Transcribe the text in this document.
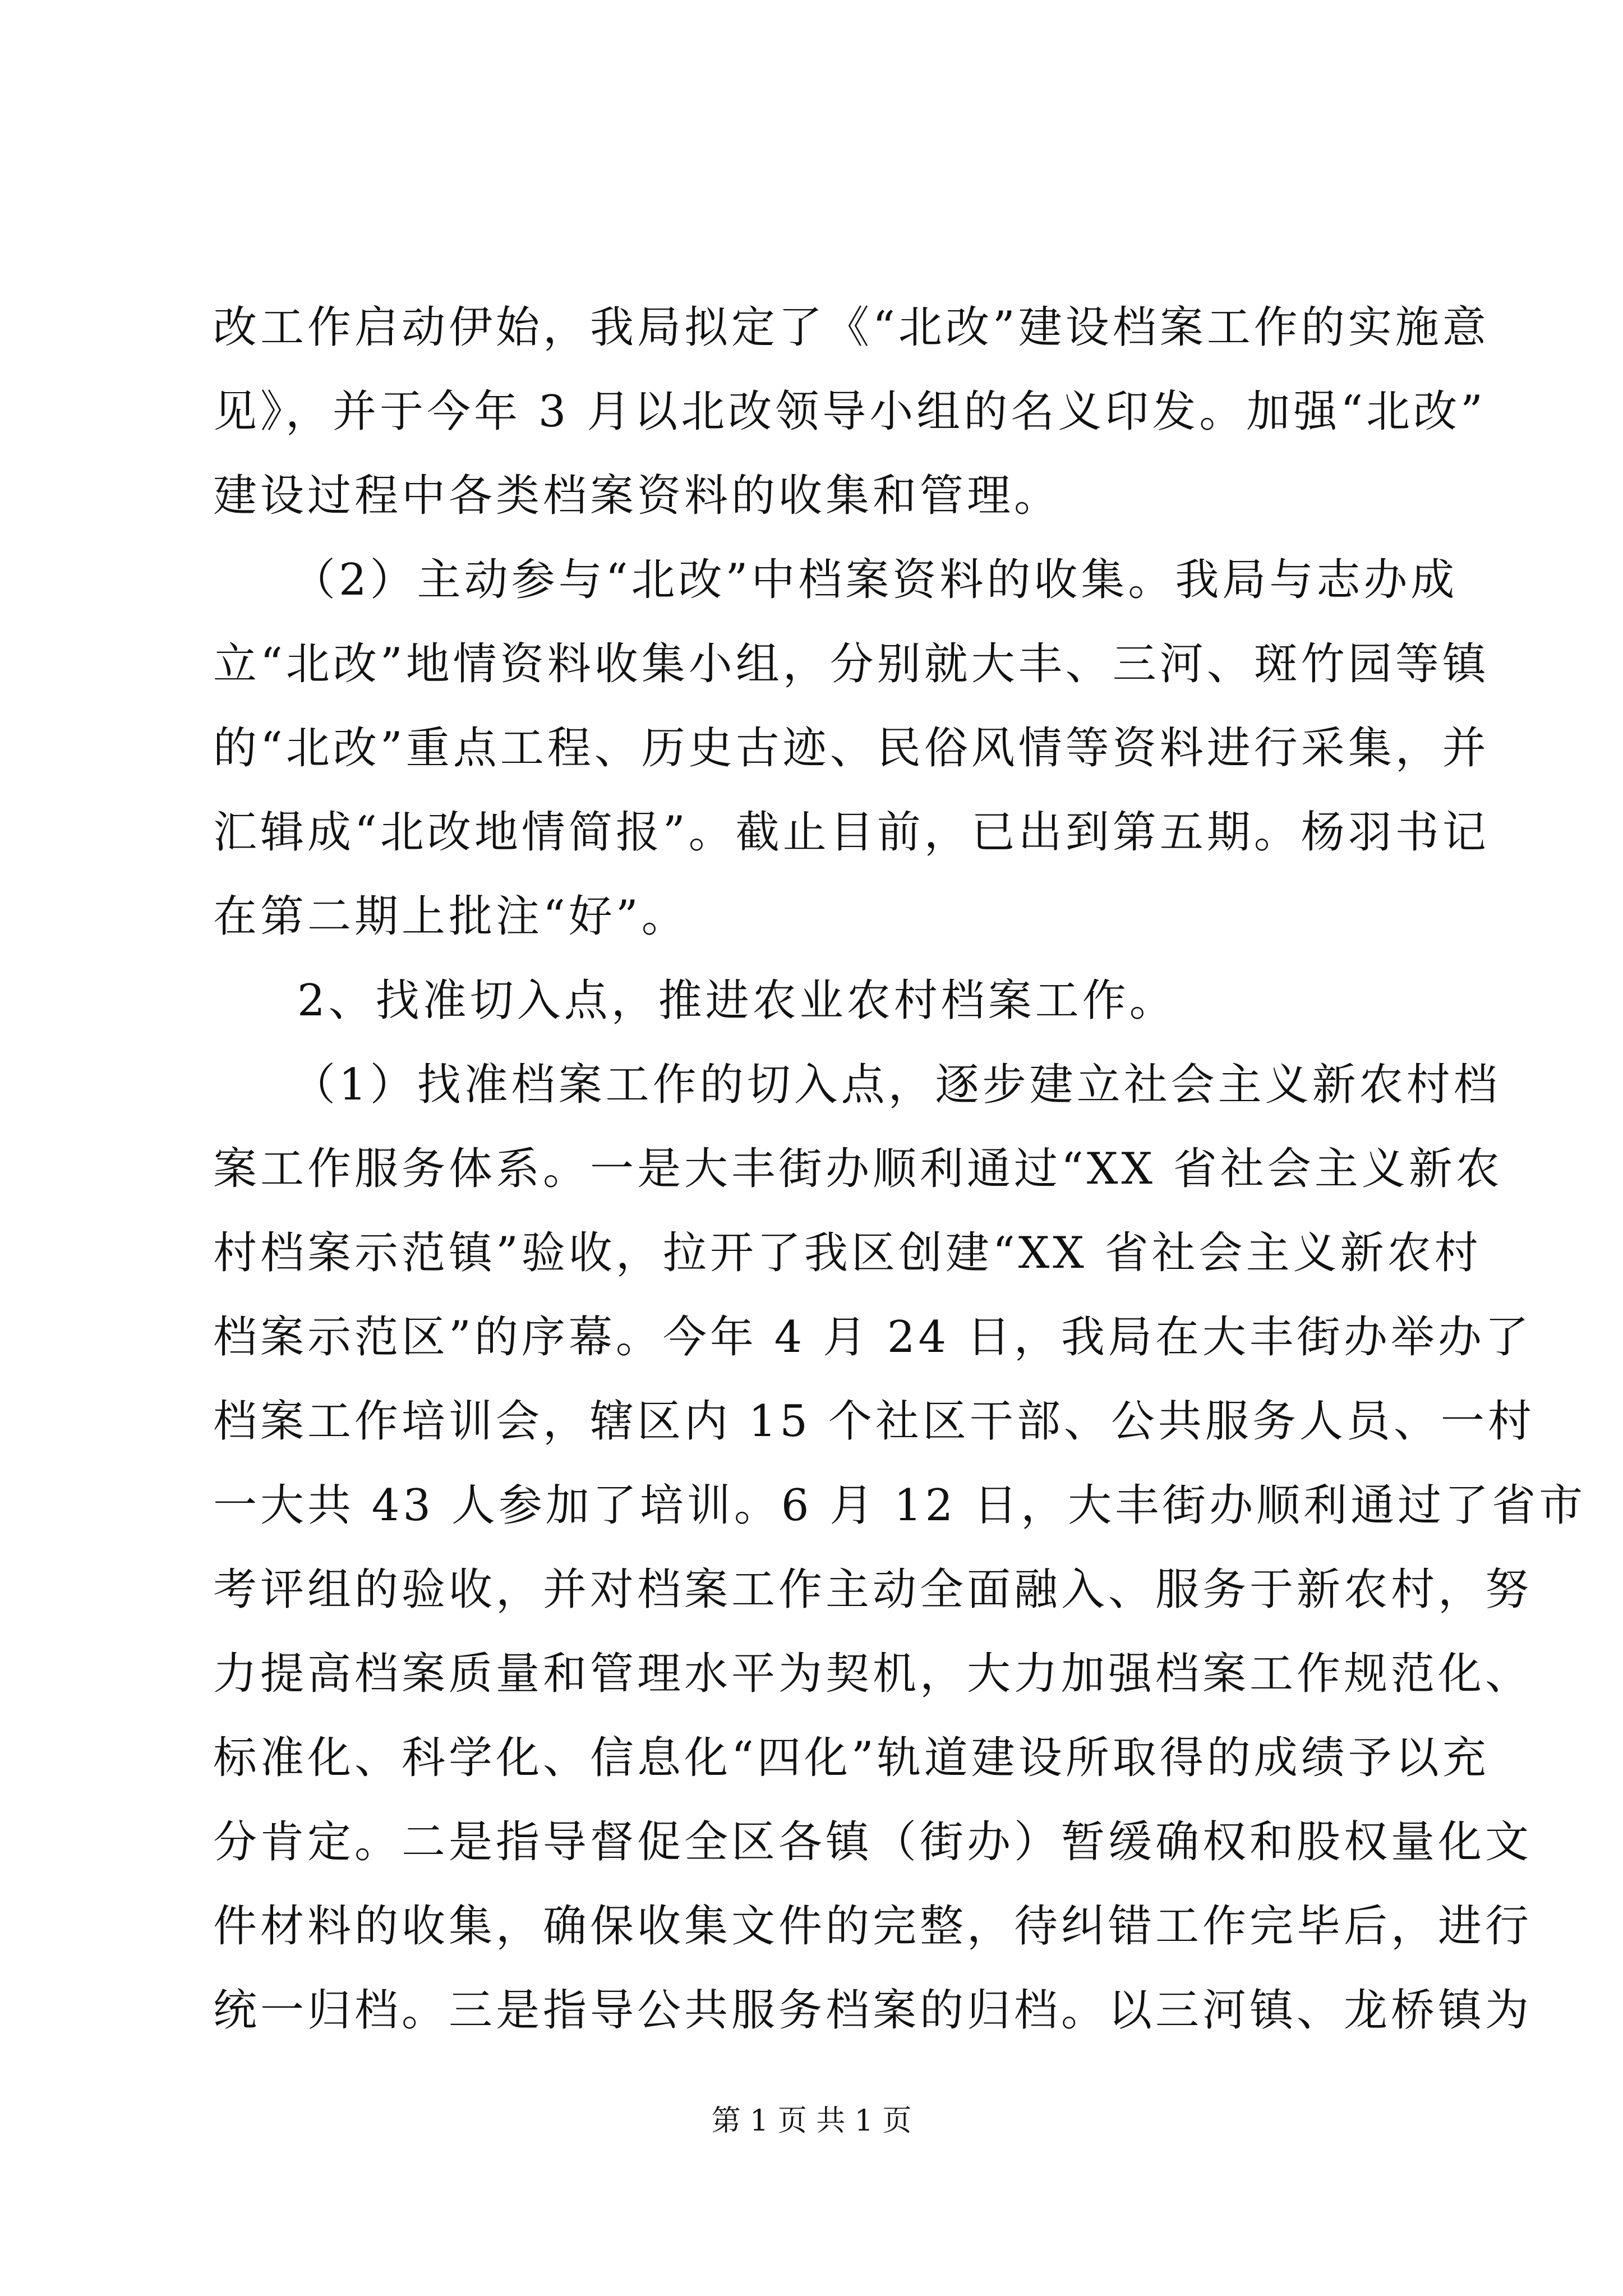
改工作启动伊始，我局拟定了《“北改”建设档案工作的实施意
见》，并于今年 3 月以北改领导小组的名义印发。加强“北改”
建设过程中各类档案资料的收集和管理。
（2）主动参与“北改”中档案资料的收集。我局与志办成
立“北改”地情资料收集小组，分别就大丰、三河、斑竹园等镇
的“北改”重点工程、历史古迹、民俗风情等资料进行采集，并
汇辑成“北改地情简报”。截止目前，已出到第五期。杨羽书记
在第二期上批注“好”。
2、找准切入点，推进农业农村档案工作。
（1）找准档案工作的切入点，逐步建立社会主义新农村档
案工作服务体系。一是大丰街办顺利通过“XX 省社会主义新农
村档案示范镇”验收，拉开了我区创建“XX 省社会主义新农村
档案示范区”的序幕。今年 4 月 24 日，我局在大丰街办举办了
档案工作培训会，辖区内 15 个社区干部、公共服务人员、一村
一大共 43 人参加了培训。6 月 12 日，大丰街办顺利通过了省市
考评组的验收，并对档案工作主动全面融入、服务于新农村，努
力提高档案质量和管理水平为契机，大力加强档案工作规范化、
标准化、科学化、信息化“四化”轨道建设所取得的成绩予以充
分肯定。二是指导督促全区各镇（街办）暂缓确权和股权量化文
件材料的收集，确保收集文件的完整，待纠错工作完毕后，进行
统一归档。三是指导公共服务档案的归档。以三河镇、龙桥镇为
第 1 页 共 1 页
